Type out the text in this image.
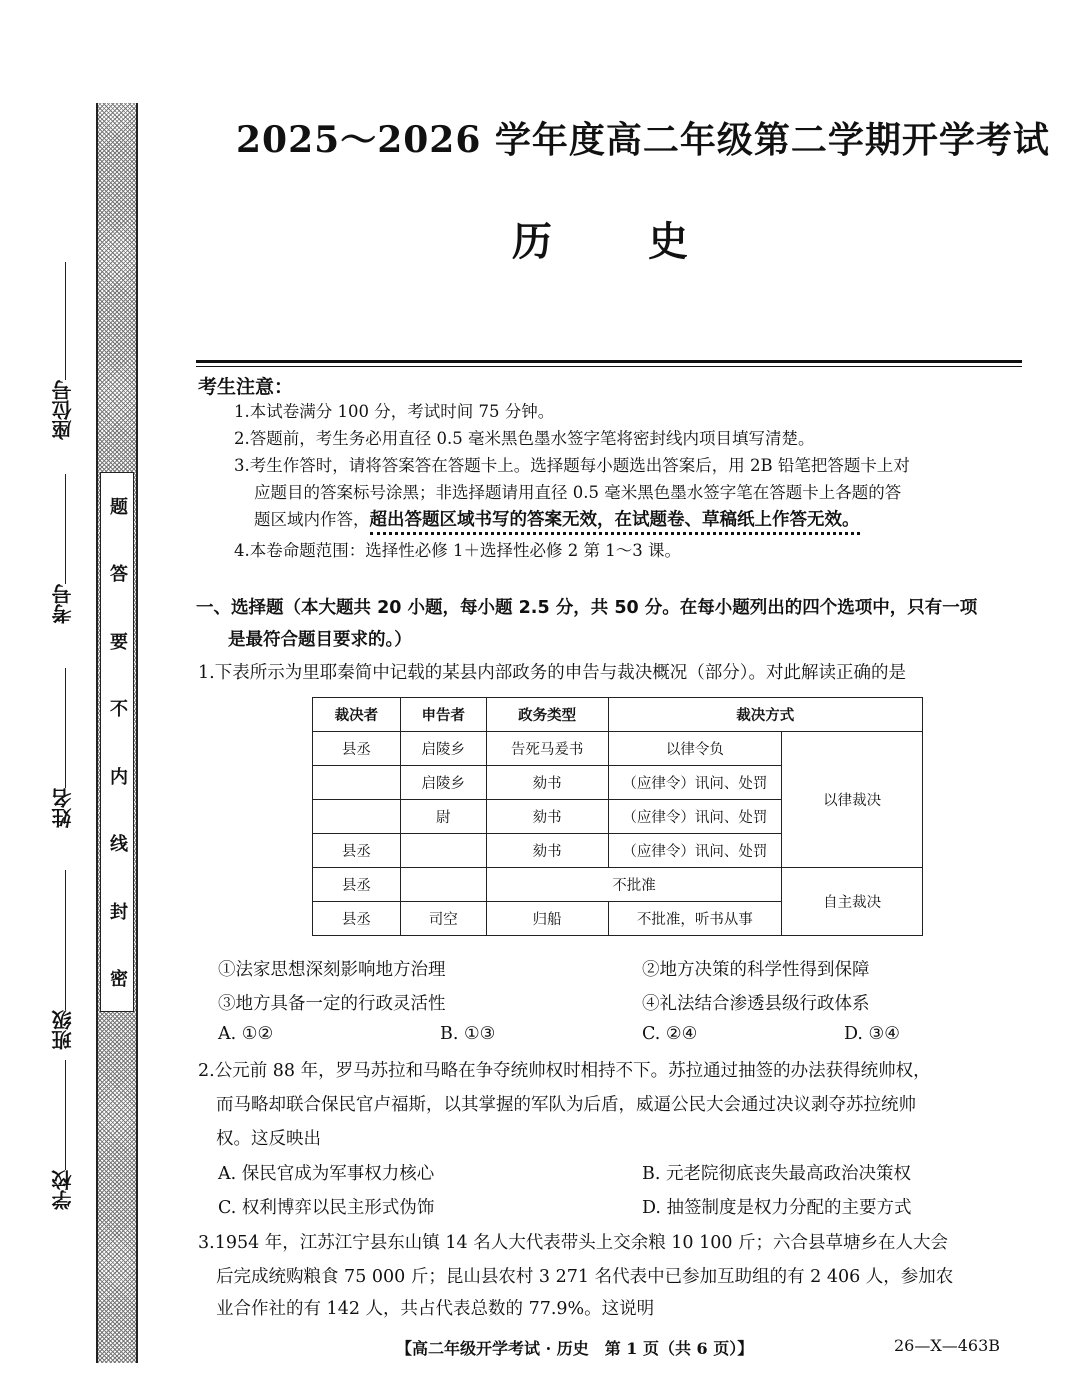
题
答
要
不
内
线
封
密
座位号
考号
姓名
班级
学校
2025～2026 学年度高二年级第二学期开学考试
历史
考生注意：
1.本试卷满分 100 分，考试时间 75 分钟。
2.答题前，考生务必用直径 0.5 毫米黑色墨水签字笔将密封线内项目填写清楚。
3.考生作答时，请将答案答在答题卡上。选择题每小题选出答案后，用 2B 铅笔把答题卡上对
应题目的答案标号涂黑；非选择题请用直径 0.5 毫米黑色墨水签字笔在答题卡上各题的答
题区域内作答，超出答题区域书写的答案无效，在试题卷、草稿纸上作答无效。
4.本卷命题范围：选择性必修 1＋选择性必修 2 第 1～3 课。
一、选择题（本大题共 20 小题，每小题 2.5 分，共 50 分。在每小题列出的四个选项中，只有一项
是最符合题目要求的。）
1.下表所示为里耶秦简中记载的某县内部政务的申告与裁决概况（部分）。对此解读正确的是
裁决者	申告者	政务类型	裁决方式	
县丞	启陵乡	告死马爰书	以律令负	以律裁决
	启陵乡	劾书	（应律令）讯问、处罚	
	尉	劾书	（应律令）讯问、处罚	
县丞		劾书	（应律令）讯问、处罚	
县丞		不批准		自主裁决
县丞	司空	归船	不批准，听书从事	
①法家思想深刻影响地方治理	②地方决策的科学性得到保障
③地方具备一定的行政灵活性	④礼法结合渗透县级行政体系
A. ①②	B. ①③	C. ②④	D. ③④
2.公元前 88 年，罗马苏拉和马略在争夺统帅权时相持不下。苏拉通过抽签的办法获得统帅权，
而马略却联合保民官卢福斯，以其掌握的军队为后盾，威逼公民大会通过决议剥夺苏拉统帅
权。这反映出
A. 保民官成为军事权力核心	B. 元老院彻底丧失最高政治决策权
C. 权利博弈以民主形式伪饰	D. 抽签制度是权力分配的主要方式
3.1954 年，江苏江宁县东山镇 14 名人大代表带头上交余粮 10 100 斤；六合县草塘乡在人大会
后完成统购粮食 75 000 斤；昆山县农村 3 271 名代表中已参加互助组的有 2 406 人，参加农
业合作社的有 142 人，共占代表总数的 77.9%。这说明
【高二年级开学考试 · 历史　第 1 页（共 6 页）】	26—X—463B
